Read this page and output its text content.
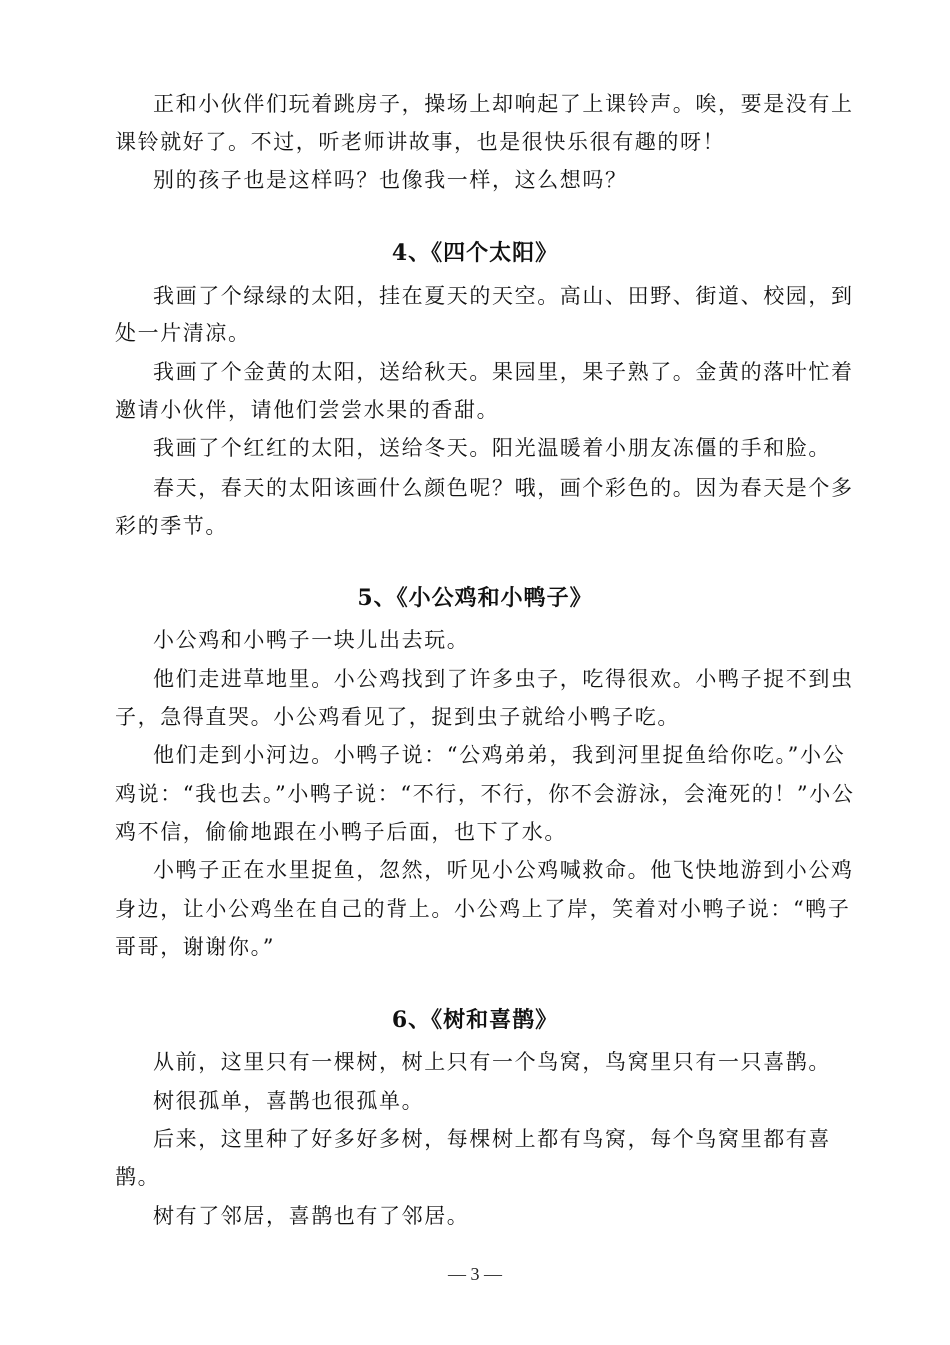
正和小伙伴们玩着跳房子，操场上却响起了上课铃声。唉，要是没有上
课铃就好了。不过，听老师讲故事，也是很快乐很有趣的呀！
别的孩子也是这样吗？也像我一样，这么想吗？
4、《四个太阳》
我画了个绿绿的太阳，挂在夏天的天空。高山、田野、街道、校园，到
处一片清凉。
我画了个金黄的太阳，送给秋天。果园里，果子熟了。金黄的落叶忙着
邀请小伙伴，请他们尝尝水果的香甜。
我画了个红红的太阳，送给冬天。阳光温暖着小朋友冻僵的手和脸。
春天，春天的太阳该画什么颜色呢？哦，画个彩色的。因为春天是个多
彩的季节。
5、《小公鸡和小鸭子》
小公鸡和小鸭子一块儿出去玩。
他们走进草地里。小公鸡找到了许多虫子，吃得很欢。小鸭子捉不到虫
子，急得直哭。小公鸡看见了，捉到虫子就给小鸭子吃。
他们走到小河边。小鸭子说：“公鸡弟弟，我到河里捉鱼给你吃。”小公
鸡说：“我也去。”小鸭子说：“不行，不行，你不会游泳，会淹死的！”小公
鸡不信，偷偷地跟在小鸭子后面，也下了水。
小鸭子正在水里捉鱼，忽然，听见小公鸡喊救命。他飞快地游到小公鸡
身边，让小公鸡坐在自己的背上。小公鸡上了岸，笑着对小鸭子说：“鸭子
哥哥，谢谢你。”
6、《树和喜鹊》
从前，这里只有一棵树，树上只有一个鸟窝，鸟窝里只有一只喜鹊。
树很孤单，喜鹊也很孤单。
后来，这里种了好多好多树，每棵树上都有鸟窝，每个鸟窝里都有喜
鹊。
树有了邻居，喜鹊也有了邻居。
— 3 —
